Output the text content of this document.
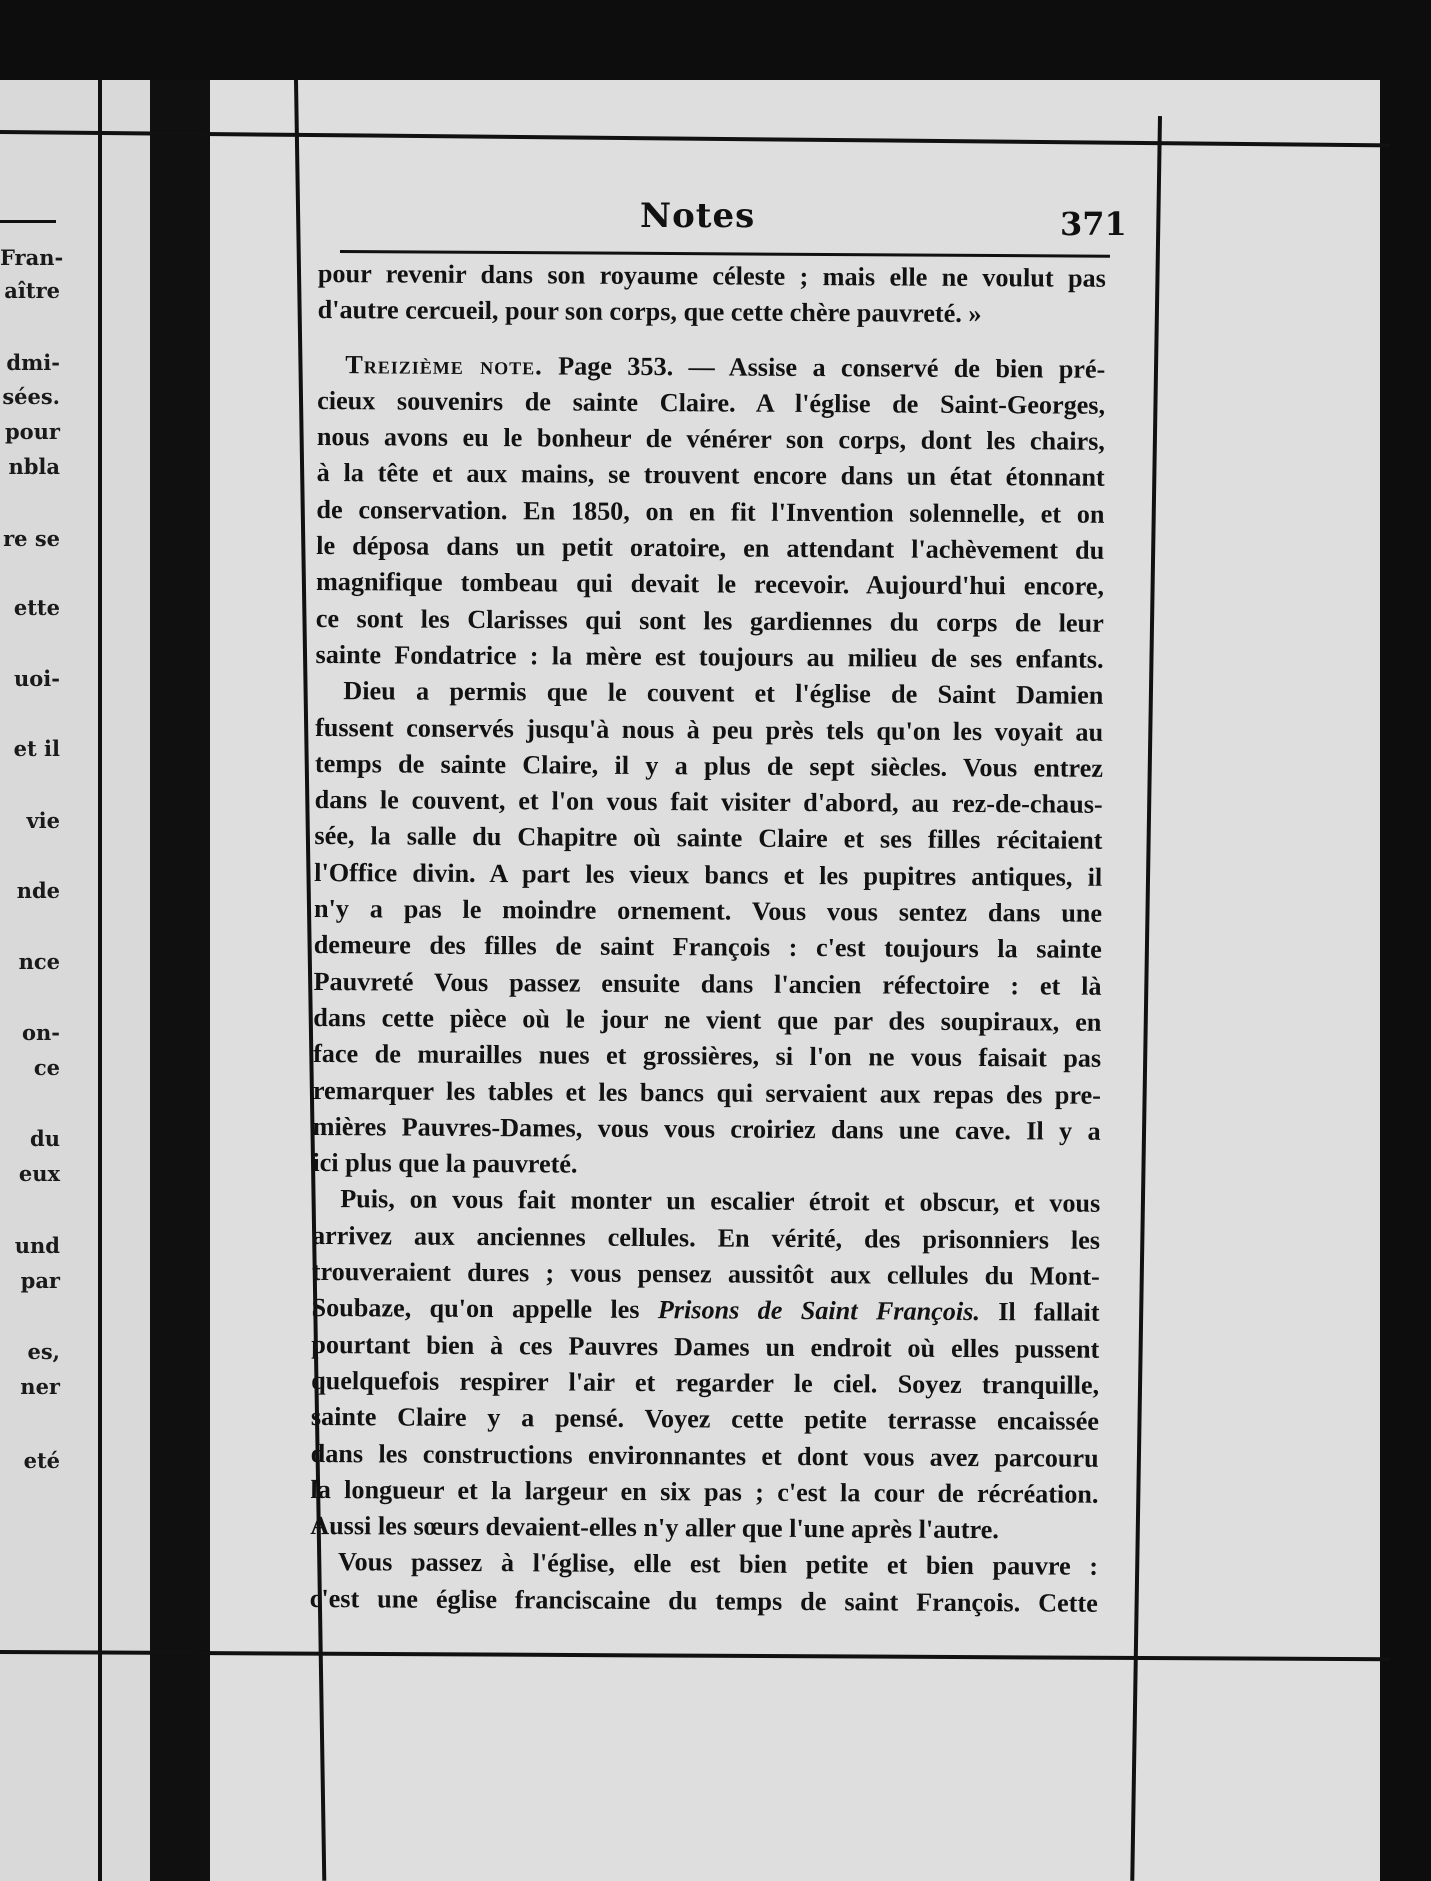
Fran-
aître
dmi-
sées.
pour
nbla
re se
ette
uoi-
et il
vie
nde
nce
on-
ce
du
eux
und
par
es,
ner
eté
Notes	371
pour revenir dans son royaume céleste ; mais elle ne voulut pas
d'autre cercueil, pour son corps, que cette chère pauvreté. »
Treizième note. Page 353. — Assise a conservé de bien pré-
cieux souvenirs de sainte Claire. A l'église de Saint-Georges,
nous avons eu le bonheur de vénérer son corps, dont les chairs,
à la tête et aux mains, se trouvent encore dans un état étonnant
de conservation. En 1850, on en fit l'Invention solennelle, et on
le déposa dans un petit oratoire, en attendant l'achèvement du
magnifique tombeau qui devait le recevoir. Aujourd'hui encore,
ce sont les Clarisses qui sont les gardiennes du corps de leur
sainte Fondatrice : la mère est toujours au milieu de ses enfants.
Dieu a permis que le couvent et l'église de Saint Damien
fussent conservés jusqu'à nous à peu près tels qu'on les voyait au
temps de sainte Claire, il y a plus de sept siècles. Vous entrez
dans le couvent, et l'on vous fait visiter d'abord, au rez-de-chaus-
sée, la salle du Chapitre où sainte Claire et ses filles récitaient
l'Office divin. A part les vieux bancs et les pupitres antiques, il
n'y a pas le moindre ornement. Vous vous sentez dans une
demeure des filles de saint François : c'est toujours la sainte
Pauvreté Vous passez ensuite dans l'ancien réfectoire : et là
dans cette pièce où le jour ne vient que par des soupiraux, en
face de murailles nues et grossières, si l'on ne vous faisait pas
remarquer les tables et les bancs qui servaient aux repas des pre-
mières Pauvres-Dames, vous vous croiriez dans une cave. Il y a
ici plus que la pauvreté.
Puis, on vous fait monter un escalier étroit et obscur, et vous
arrivez aux anciennes cellules. En vérité, des prisonniers les
trouveraient dures ; vous pensez aussitôt aux cellules du Mont-
Soubaze, qu'on appelle les Prisons de Saint François. Il fallait
pourtant bien à ces Pauvres Dames un endroit où elles pussent
quelquefois respirer l'air et regarder le ciel. Soyez tranquille,
sainte Claire y a pensé. Voyez cette petite terrasse encaissée
dans les constructions environnantes et dont vous avez parcouru
la longueur et la largeur en six pas ; c'est la cour de récréation.
Aussi les sœurs devaient-elles n'y aller que l'une après l'autre.
Vous passez à l'église, elle est bien petite et bien pauvre :
c'est une église franciscaine du temps de saint François. Cette
